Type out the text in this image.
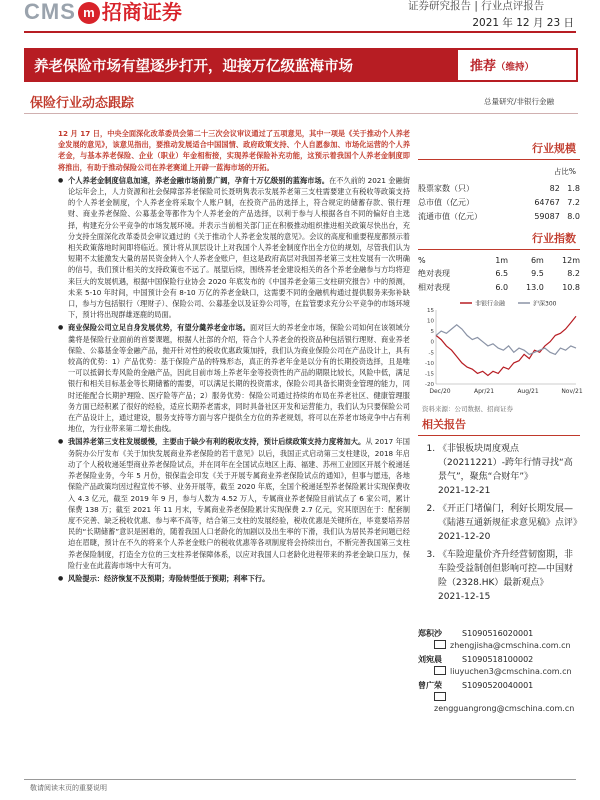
CMS m 招商证券	证券研究报告 | 行业点评报告
2021 年 12 月 23 日
养老保险市场有望逐步打开，迎接万亿级蓝海市场	推荐（维持）
保险行业动态跟踪	总量研究/非银行金融

12 月 17 日，中央全面深化改革委员会第二十三次会议审议通过了五项意见，其中一项是《关于推动个人养老金发展的意见》，该意见指出，要推动发展适合中国国情、政府政策支持、个人自愿参加、市场化运营的个人养老金，与基本养老保险、企业（职业）年金相衔接，实现养老保险补充功能，这预示着我国个人养老金制度即将推出，有助于推动保险公司在养老赛道上开辟一蓝海市场的开拓。

● 个人养老金制度信息加速，养老金融市场前景广阔，孕育十万亿级别的蓝海市场。在不久前的 2021 金融街论坛年会上，人力资源和社会保障部养老保险司长聂明隽表示发展养老第三支柱需要建立有税收等政策支持的个人养老金制度，个人养老金将采取个人账户制，在投资产品的选择上，符合规定的储蓄存款、银行理财、商业养老保险、公募基金等都作为个人养老金的产品选择，以利于参与人根据各自不同的偏好自主选择，构建充分公平竞争的市场发展环境。并表示当前相关部门正在积极推动组织推进相关政策尽快出台，充分支持全面深化改革委员会审议通过的《关于推动个人养老金发展的意见》。会议的高度和重要程度都预示着相关政策落地时间即将临近。预计将从顶层设计上对我国个人养老金制度作出全方位的规划，尽管我们认为短期不太能激发大量的居民资金转入个人养老金账户，但这是政府高层对我国养老第三支柱发展有一次明确的信号，我们预计相关的支持政策也不远了。展望后续，围绕养老金建设相关的各个养老金融参与方均将迎来巨大的发展机遇，根据中国保险行业协会 2020 年底发布的《中国养老金第三支柱研究报告》中的预测，未来 5-10 年时间，中国预计会有 8-10 万亿的养老金缺口，这需要不同的金融机构通过提供服务来弥补缺口，参与方包括银行（理财子）、保险公司、公募基金以及证券公司等，在监管要求充分公平竞争的市场环境下，预计将出现群雄逐鹿的局面。

● 商业保险公司立足自身发展优势，有望分羹养老金市场。面对巨大的养老金市场，保险公司如何在该领域分羹将是保险行业面前的首要课题，根据人社部的介绍，符合个人养老金的投资品种包括银行理财、商业养老保险、公募基金等金融产品，抛开针对性的税收优惠政策加持，我们认为商业保险公司在产品设计上，具有较高的优势：1）产品优势：基于保险产品的特殊形态，真正的养老年金是以分有的长期投资选择，且是唯一可以抵御长寿风险的金融产品，因此目前市场上养老年金等投资性的产品的期限比较长，风险中低，满足银行和相关目标基金等长期储蓄的需要，可以满足长期的投资需求，保险公司具备长期资金管理的能力，同时还能配合长期护理险、医疗险等产品；2）服务优势：保险公司通过持续的布局在养老社区、健康管理服务方面已经积累了很好的经验，适应长期养老需求，同时具备社区开发和运营能力，我们认为只要保险公司在产品设计上，通过建设，服务支持等方面与客户提供全方位的养老规划，将可以在养老市场竞争中占有利地位，为行业带来第二增长曲线。

● 我国养老第三支柱发展缓慢，主要由于缺少有利的税收支持，预计后续政策支持力度将加大。从 2017 年国务院办公厅发布《关于加快发展商业养老保险的若干意见》以后，我国正式启动第三支柱建设，2018 年启动了个人税收递延型商业养老保险试点，并在同年在全国试点地区上海、福建、苏州工业园区开展个税递延养老保险业务，今年 5 月份，银保监会印发《关于开展专属商业养老保险试点的通知》，但事与愿违，各地保险产品政策均因过程宣传不够、业务开展等，截至 2020 年底，全国个税递延型养老保险累计实现保费收入 4.3 亿元，截至 2019 年 9 月，参与人数为 4.52 万人，专属商业养老保险目前试点了 6 家公司，累计保费 138 万；截至 2021 年 11 月末，专属商业养老保险累计实现保费 2.7 亿元，究其原因在于：配套制度不完善、缺乏税收优惠、参与率不高等，结合第三支柱的发展经验，税收优惠是关键所在，毕竟要培养居民的“长期储蓄”意识是困难的，随着我国人口老龄化的加剧以及出生率的下滑，我们认为居民养老问题已经迫在眉睫，预计在不久的将来个人养老金账户的税收优惠等各项制度将会持续出台，不断完善我国第三支柱养老保险制度，打造全方位的三支柱养老保障体系，以应对我国人口老龄化进程带来的养老金缺口压力，保险行业在此蓝海市场中大有可为。

● 风险提示：经济恢复不及预期；寿险转型低于预期；利率下行。

行业规模
占比%
股票家数（只）	82	1.8
总市值（亿元）	64767	7.2
流通市值（亿元）	59087	8.0
行业指数
%	1m	6m	12m
绝对表现	6.5	9.5	8.2
相对表现	6.0	13.0	10.8
非银行金融	沪深300
15
10
5
0
-5
-10
-15
-20
Dec/20	Apr/21	Aug/21	Nov/21
资料来源：公司数据、招商证券
相关报告
1. 《非银板块周度观点（20211221）-跨年行情寻找“高景气”，聚焦“合财年”》
2021-12-21
2. 《开正门堵偏门，利好长期发展—《陆港互通新规征求意见稿》点评》
2021-12-20
3. 《车险迎量价齐升经营韧窗期，非车险受益制创但影响可控—中国财险（2328.HK）最新观点》
2021-12-15
郑积沙	S1090516020001
zhengjisha@cmschina.com.cn
刘宛晨	S1090518100002
liuyuchen3@cmschina.com.cn
曾广荣	S1090520040001
zengguangrong@cmschina.com.cn
敬请阅读末页的重要说明
